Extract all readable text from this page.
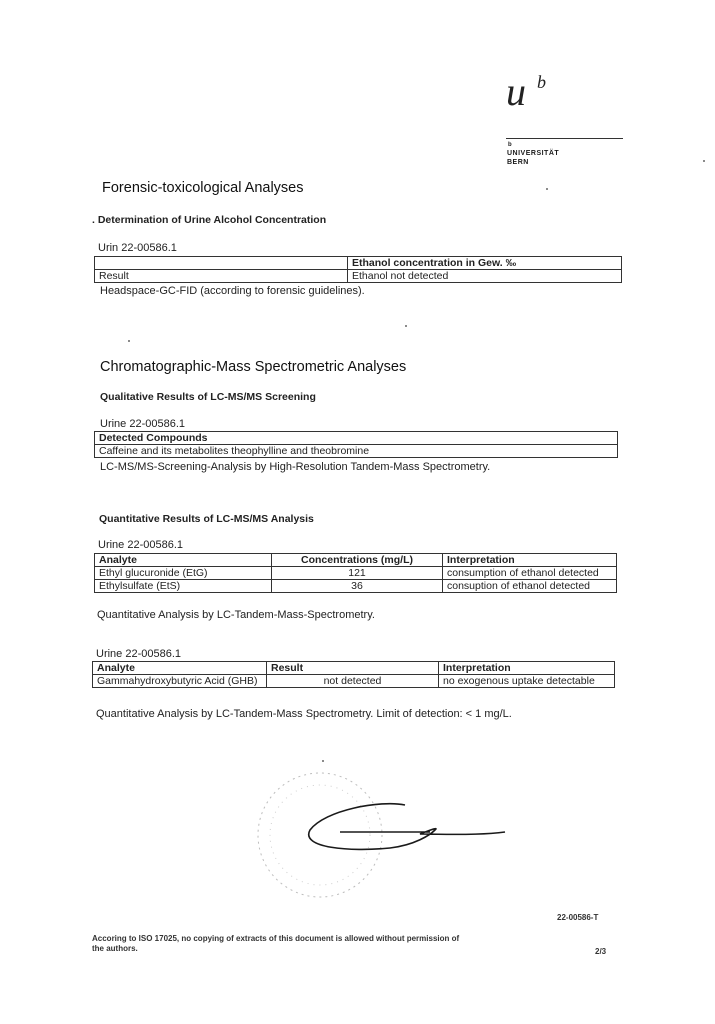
u b
b
UNIVERSITÄT
BERN
Forensic-toxicological Analyses
. Determination of Urine Alcohol Concentration
Urin 22-00586.1
	Ethanol concentration in Gew. ‰
Result	Ethanol not detected
Headspace-GC-FID (according to forensic guidelines).
Chromatographic-Mass Spectrometric Analyses
Qualitative Results of LC-MS/MS Screening
Urine 22-00586.1
Detected Compounds
Caffeine and its metabolites theophylline and theobromine
LC-MS/MS-Screening-Analysis by High-Resolution Tandem-Mass Spectrometry.
Quantitative Results of LC-MS/MS Analysis
Urine 22-00586.1
Analyte	Concentrations (mg/L)	Interpretation
Ethyl glucuronide (EtG)	121	consumption of ethanol detected
Ethylsulfate (EtS)	36	consuption of ethanol detected
Quantitative Analysis by LC-Tandem-Mass-Spectrometry.
Urine 22-00586.1
Analyte	Result	Interpretation
Gammahydroxybutyric Acid (GHB)	not detected	no exogenous uptake detectable
Quantitative Analysis by LC-Tandem-Mass Spectrometry. Limit of detection: < 1 mg/L.
22-00586-T
Accoring to ISO 17025, no copying of extracts of this document is allowed without permission of the authors.	2/3
